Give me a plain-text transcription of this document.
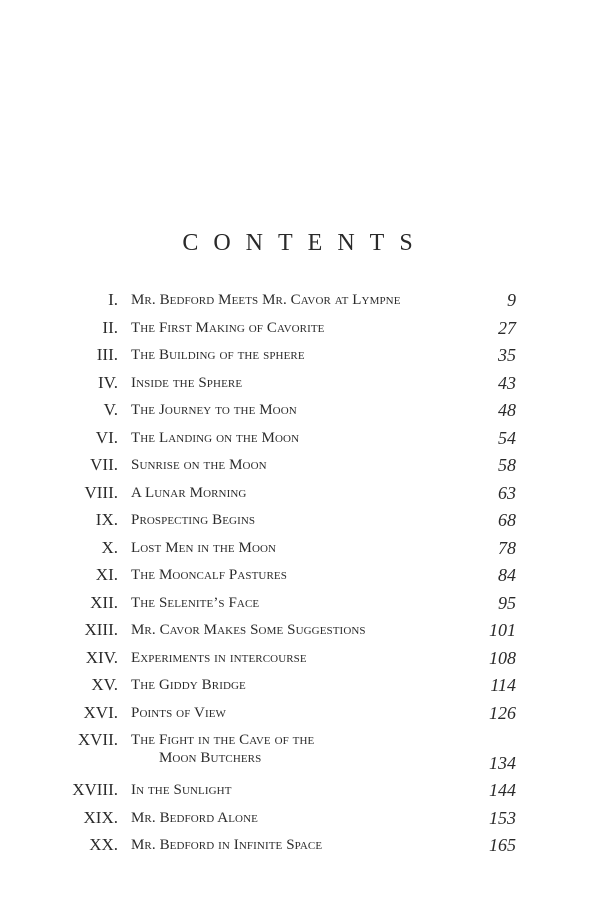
CONTENTS
I. Mr. Bedford Meets Mr. Cavor at Lympne	9
II. The First Making of Cavorite	27
III. The Building of the sphere	35
IV. Inside the Sphere	43
V. The Journey to the Moon	48
VI. The Landing on the Moon	54
VII. Sunrise on the Moon	58
VIII. A Lunar Morning	63
IX. Prospecting Begins	68
X. Lost Men in the Moon	78
XI. The Mooncalf Pastures	84
XII. The Selenite’s Face	95
XIII. Mr. Cavor Makes Some Suggestions	101
XIV. Experiments in intercourse	108
XV. The Giddy Bridge	114
XVI. Points of View	126
XVII. The Fight in the Cave of the
Moon Butchers	134
XVIII. In the Sunlight	144
XIX. Mr. Bedford Alone	153
XX. Mr. Bedford in Infinite Space	165
